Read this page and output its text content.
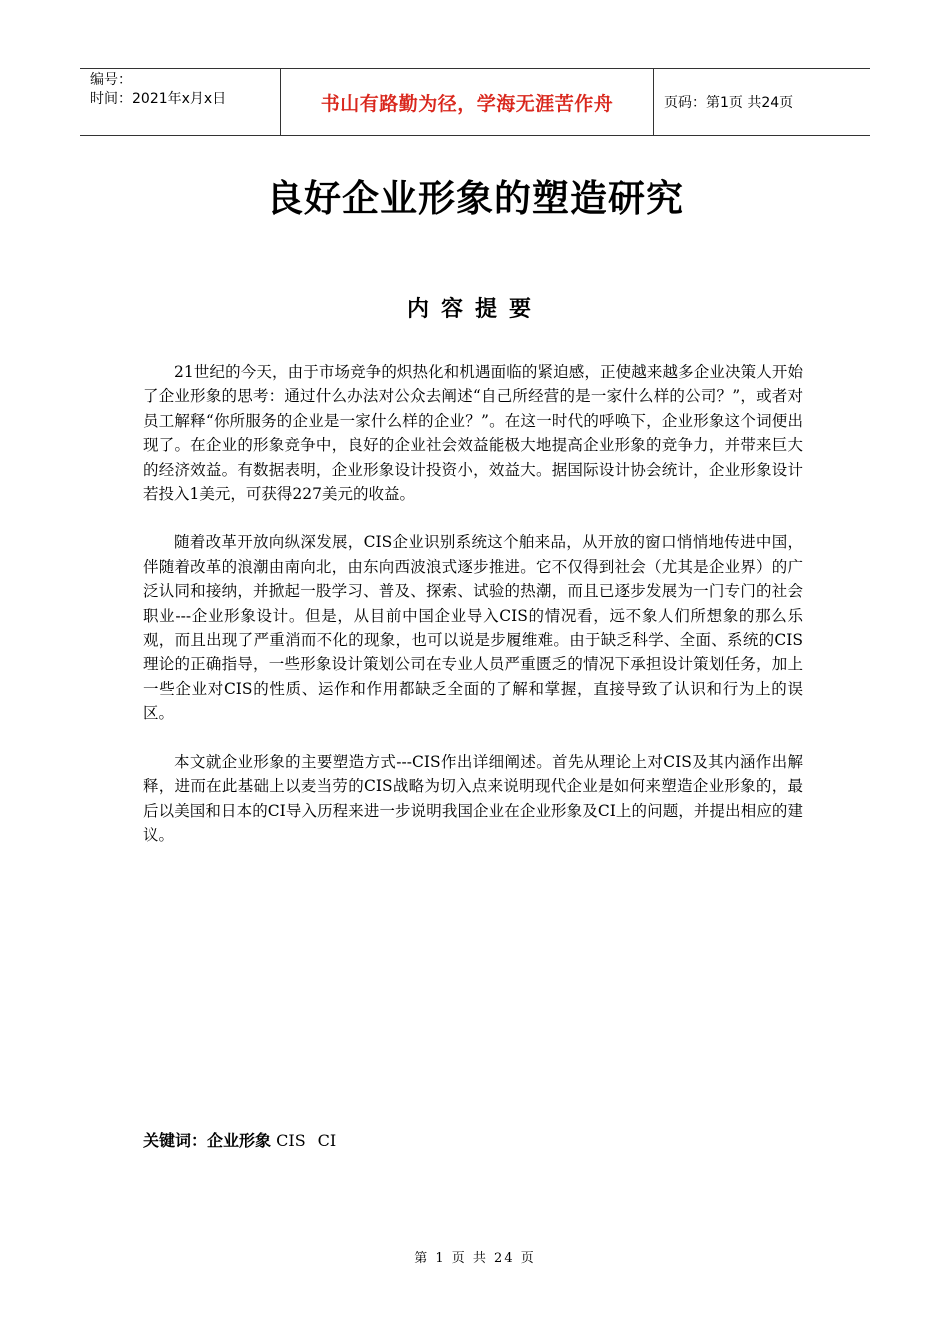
编号：
时间：2021年x月x日	书山有路勤为径，学海无涯苦作舟	页码：第1页 共24页
良好企业形象的塑造研究
内容提要

21世纪的今天，由于市场竞争的炽热化和机遇面临的紧迫感，正使越来越多企业决策人开始了企业形象的思考：通过什么办法对公众去阐述“自己所经营的是一家什么样的公司？”，或者对员工解释“你所服务的企业是一家什么样的企业？”。在这一时代的呼唤下，企业形象这个词便出现了。在企业的形象竞争中，良好的企业社会效益能极大地提高企业形象的竞争力，并带来巨大的经济效益。有数据表明，企业形象设计投资小，效益大。据国际设计协会统计，企业形象设计若投入1美元，可获得227美元的收益。

随着改革开放向纵深发展，CIS企业识别系统这个舶来品，从开放的窗口悄悄地传进中国，伴随着改革的浪潮由南向北，由东向西波浪式逐步推进。它不仅得到社会（尤其是企业界）的广泛认同和接纳，并掀起一股学习、普及、探索、试验的热潮，而且已逐步发展为一门专门的社会职业---企业形象设计。但是，从目前中国企业导入CIS的情况看，远不象人们所想象的那么乐观，而且出现了严重消而不化的现象，也可以说是步履维难。由于缺乏科学、全面、系统的CIS理论的正确指导，一些形象设计策划公司在专业人员严重匮乏的情况下承担设计策划任务，加上一些企业对CIS的性质、运作和作用都缺乏全面的了解和掌握，直接导致了认识和行为上的误区。

本文就企业形象的主要塑造方式---CIS作出详细阐述。首先从理论上对CIS及其内涵作出解释，进而在此基础上以麦当劳的CIS战略为切入点来说明现代企业是如何来塑造企业形象的，最后以美国和日本的CI导入历程来进一步说明我国企业在企业形象及CI上的问题，并提出相应的建议。

关键词：企业形象 CIS CI
第 1 页 共 24 页
